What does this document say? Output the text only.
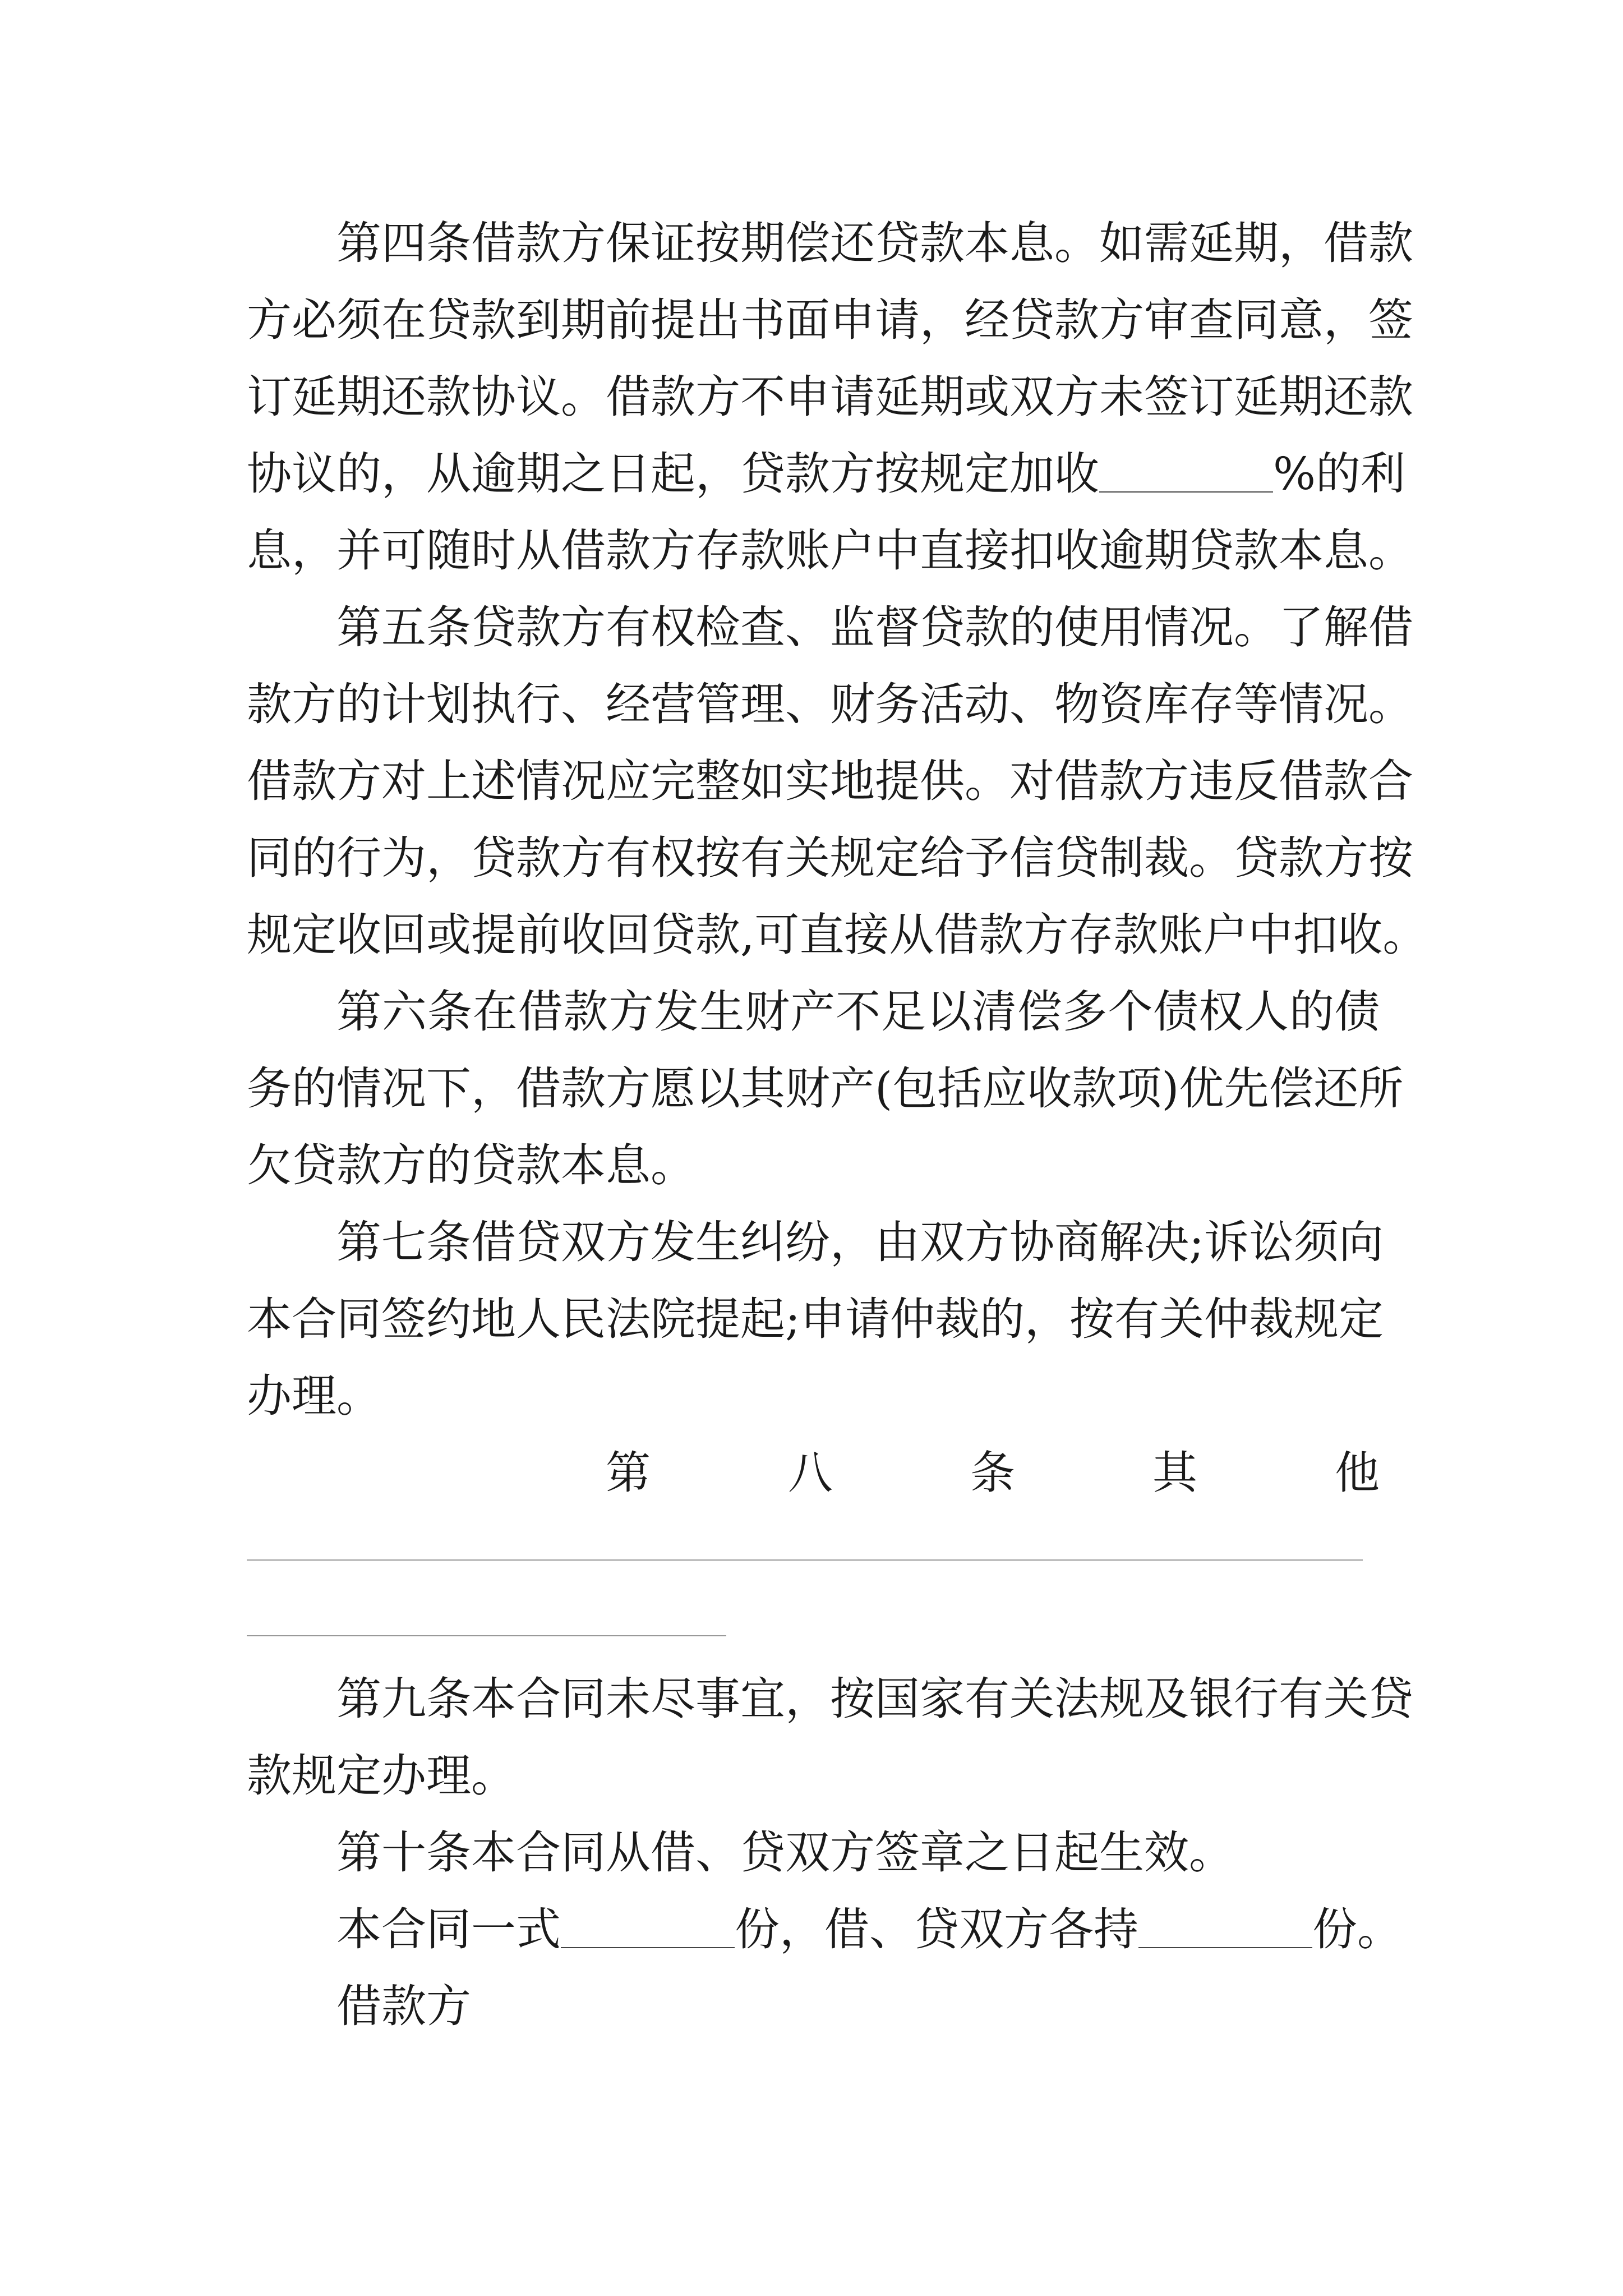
第四条借款方保证按期偿还贷款本息。如需延期，借款
方必须在贷款到期前提出书面申请，经贷款方审查同意，签
订延期还款协议。借款方不申请延期或双方未签订延期还款
协议的，从逾期之日起，贷款方按规定加收	%的利
息，并可随时从借款方存款账户中直接扣收逾期贷款本息。
第五条贷款方有权检查、监督贷款的使用情况。了解借
款方的计划执行、经营管理、财务活动、物资库存等情况。
借款方对上述情况应完整如实地提供。对借款方违反借款合
同的行为，贷款方有权按有关规定给予信贷制裁。贷款方按
规定收回或提前收回贷款,可直接从借款方存款账户中扣收。
第六条在借款方发生财产不足以清偿多个债权人的债
务的情况下，借款方愿以其财产(包括应收款项)优先偿还所
欠贷款方的贷款本息。
第七条借贷双方发生纠纷，由双方协商解决;诉讼须向
本合同签约地人民法院提起;申请仲裁的，按有关仲裁规定
办理。
第	八	条	其	他
第九条本合同未尽事宜，按国家有关法规及银行有关贷
款规定办理。
第十条本合同从借、贷双方签章之日起生效。
本合同一式	份，借、贷双方各持	份。
借款方
